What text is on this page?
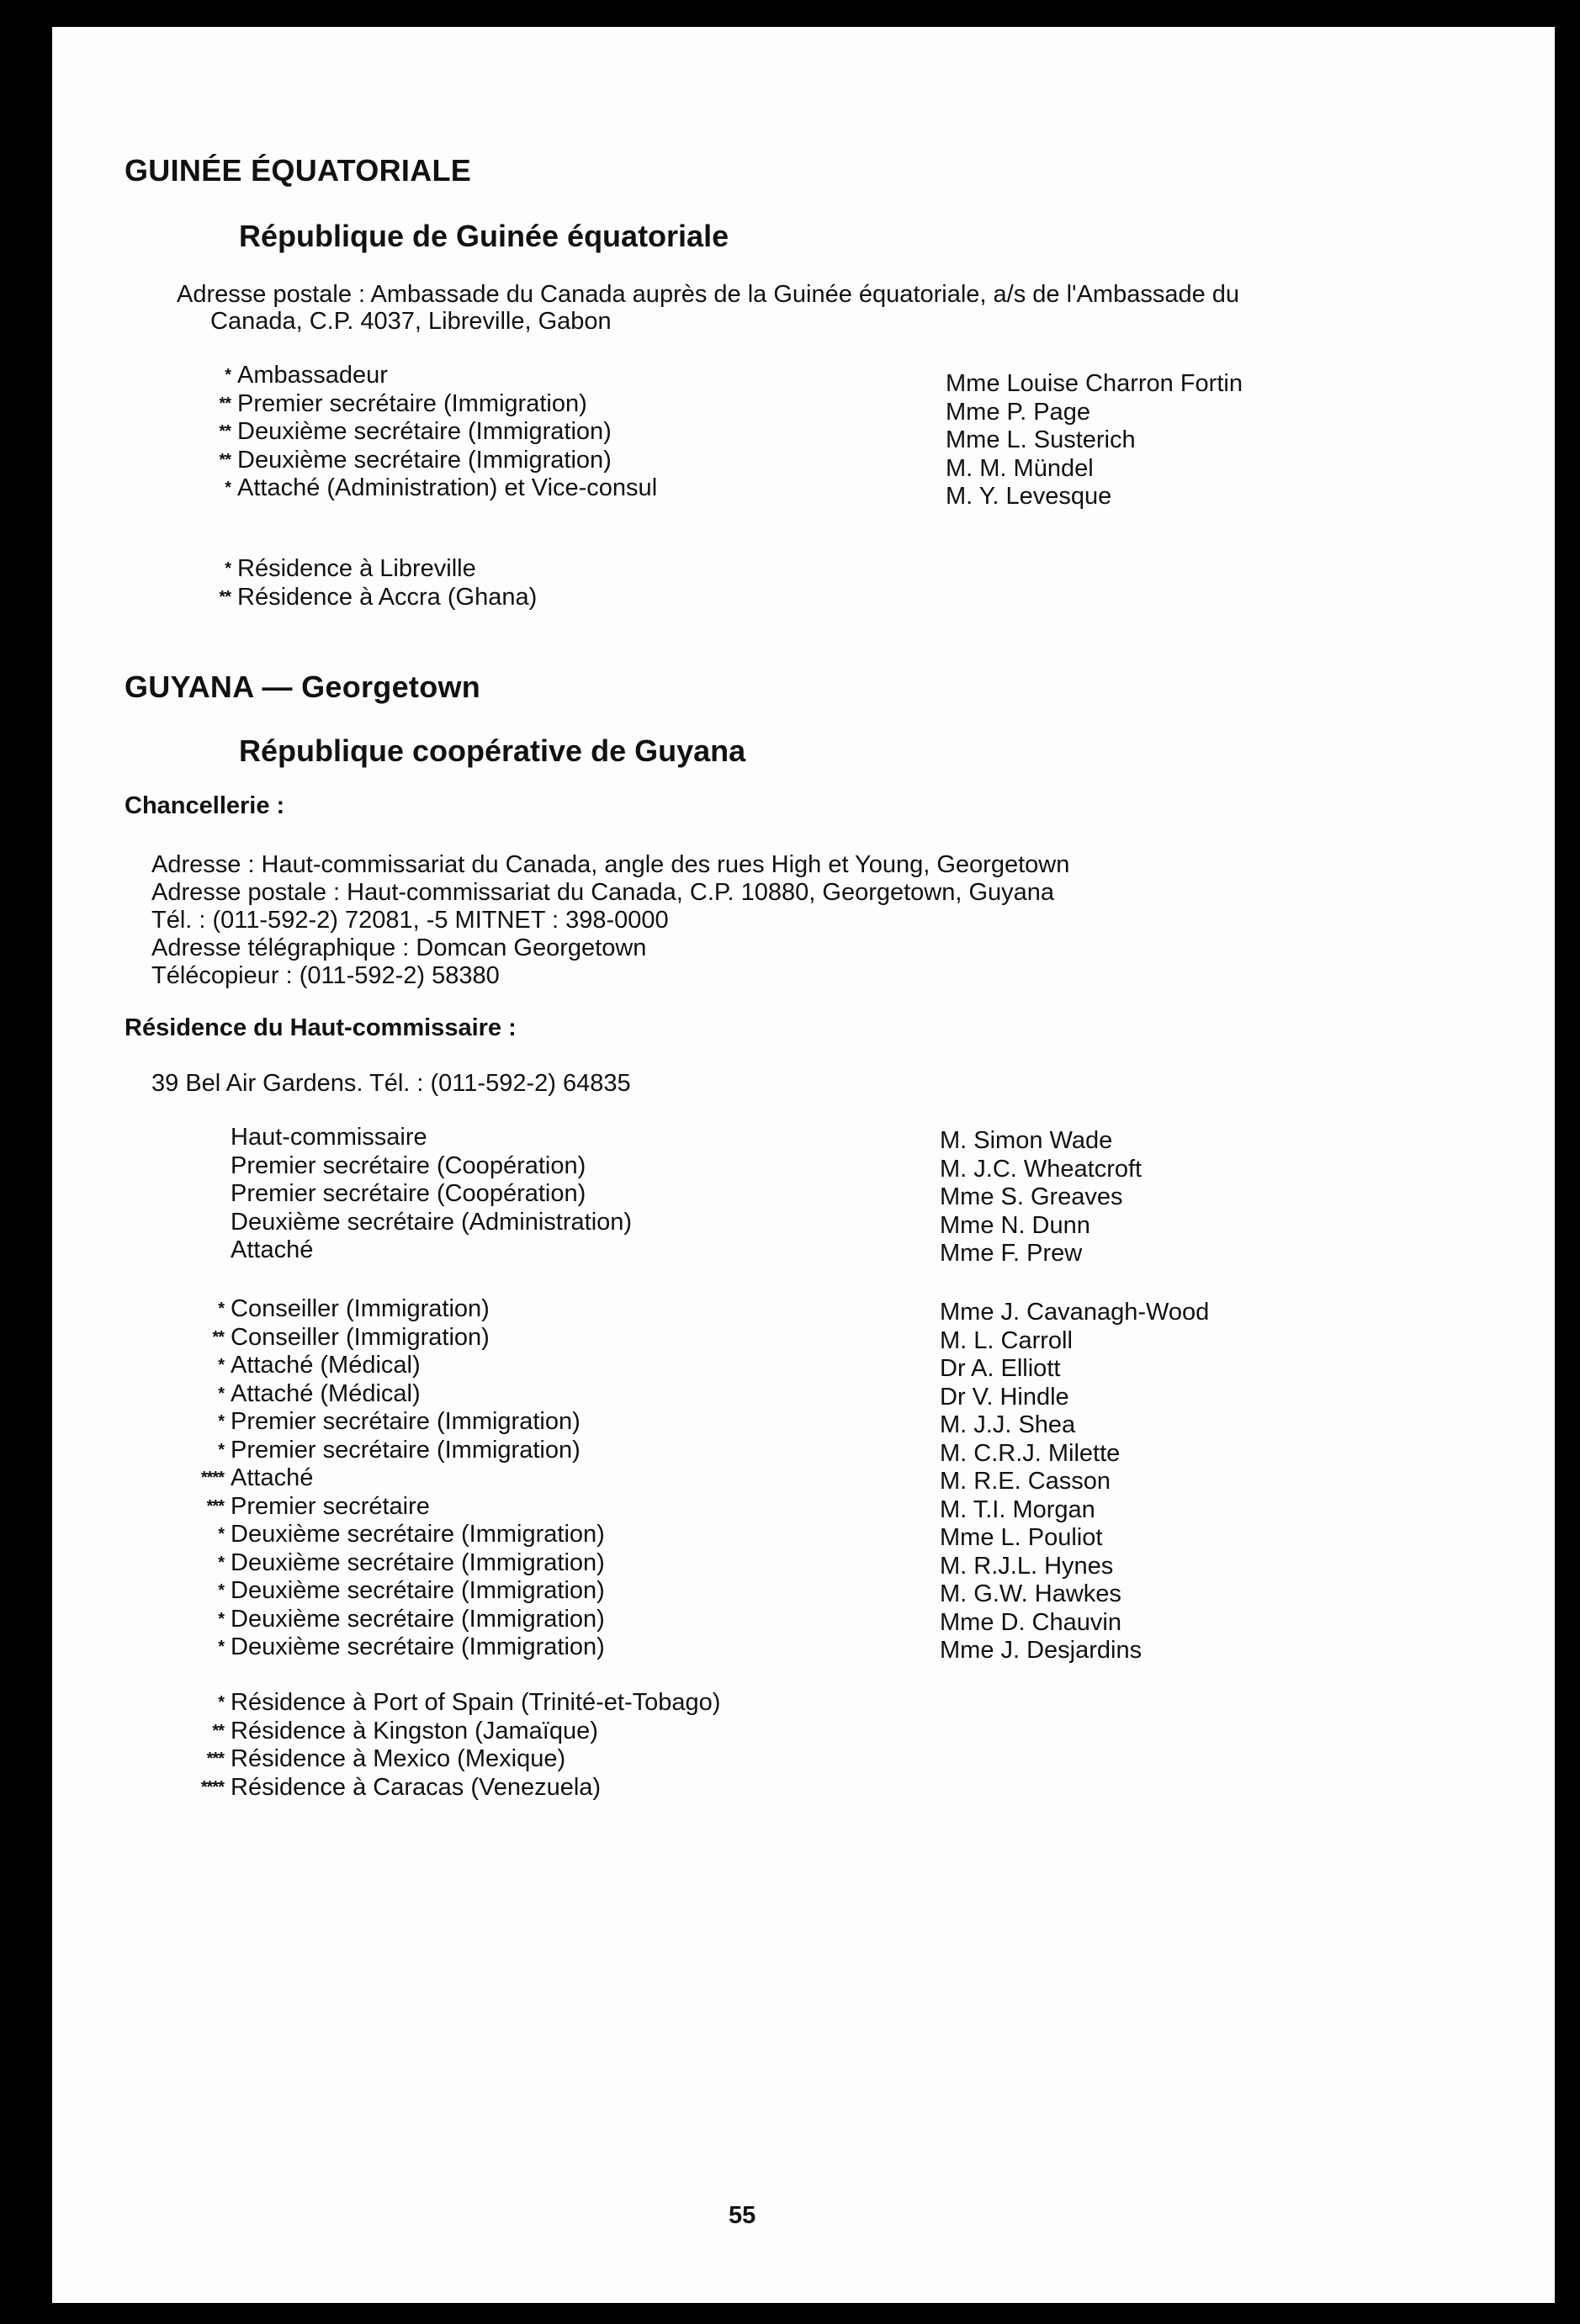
GUINÉE ÉQUATORIALE
République de Guinée équatoriale
Adresse postale : Ambassade du Canada auprès de la Guinée équatoriale, a/s de l'Ambassade du
Canada, C.P. 4037, Libreville, Gabon
* Ambassadeur
** Premier secrétaire (Immigration)
** Deuxième secrétaire (Immigration)
** Deuxième secrétaire (Immigration)
* Attaché (Administration) et Vice-consul
Mme Louise Charron Fortin
Mme P. Page
Mme L. Susterich
M. M. Mündel
M. Y. Levesque
* Résidence à Libreville
** Résidence à Accra (Ghana)
GUYANA — Georgetown
République coopérative de Guyana
Chancellerie :
Adresse : Haut-commissariat du Canada, angle des rues High et Young, Georgetown
Adresse postale : Haut-commissariat du Canada, C.P. 10880, Georgetown, Guyana
Tél. : (011-592-2) 72081, -5 MITNET : 398-0000
Adresse télégraphique : Domcan Georgetown
Télécopieur : (011-592-2) 58380
Résidence du Haut-commissaire :
39 Bel Air Gardens. Tél. : (011-592-2) 64835
Haut-commissaire
Premier secrétaire (Coopération)
Premier secrétaire (Coopération)
Deuxième secrétaire (Administration)
Attaché
M. Simon Wade
M. J.C. Wheatcroft
Mme S. Greaves
Mme N. Dunn
Mme F. Prew
* Conseiller (Immigration)
** Conseiller (Immigration)
* Attaché (Médical)
* Attaché (Médical)
* Premier secrétaire (Immigration)
* Premier secrétaire (Immigration)
**** Attaché
*** Premier secrétaire
* Deuxième secrétaire (Immigration)
* Deuxième secrétaire (Immigration)
* Deuxième secrétaire (Immigration)
* Deuxième secrétaire (Immigration)
* Deuxième secrétaire (Immigration)
Mme J. Cavanagh-Wood
M. L. Carroll
Dr A. Elliott
Dr V. Hindle
M. J.J. Shea
M. C.R.J. Milette
M. R.E. Casson
M. T.I. Morgan
Mme L. Pouliot
M. R.J.L. Hynes
M. G.W. Hawkes
Mme D. Chauvin
Mme J. Desjardins
* Résidence à Port of Spain (Trinité-et-Tobago)
** Résidence à Kingston (Jamaïque)
*** Résidence à Mexico (Mexique)
**** Résidence à Caracas (Venezuela)
55
